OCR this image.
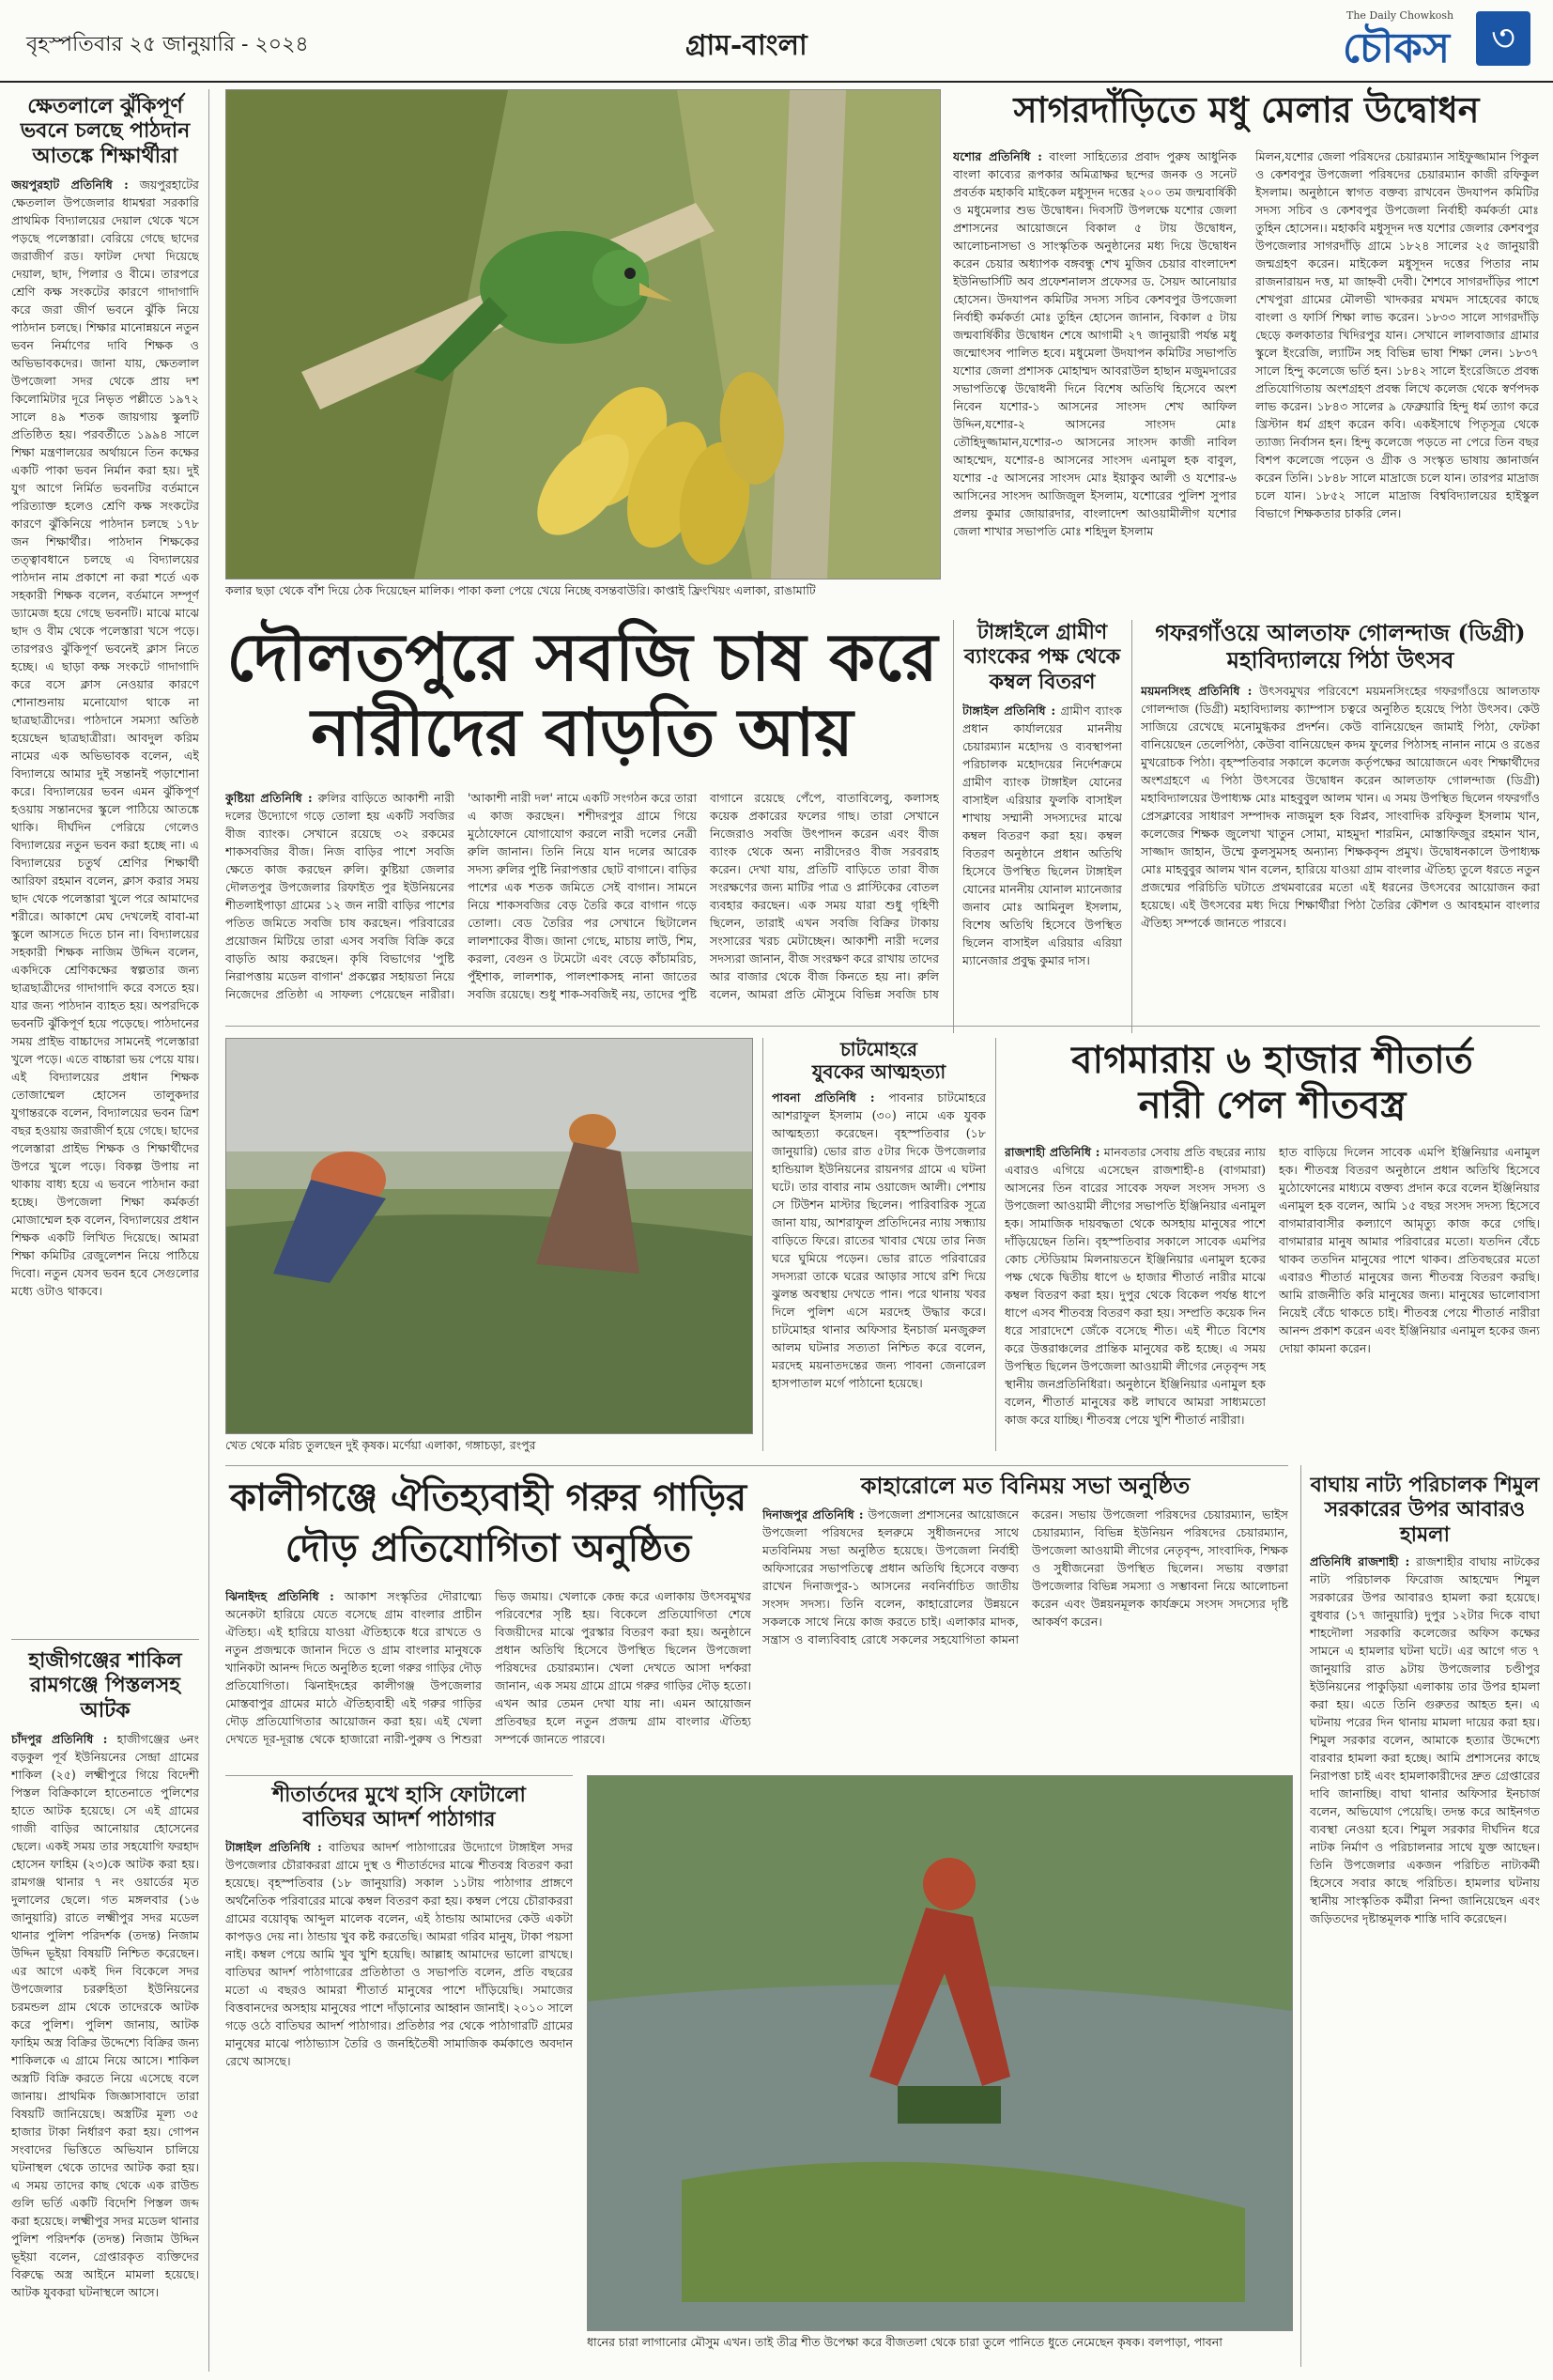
বৃহস্পতিবার ২৫ জানুয়ারি - ২০২৪	গ্রাম-বাংলা
The Daily Chowkosh
চৌকস	৩
ক্ষেতলালে ঝুঁকিপূর্ণ ভবনে চলছে পাঠদান আতঙ্কে শিক্ষার্থীরা

জয়পুরহাট প্রতিনিধি : জয়পুরহাটের ক্ষেতলাল উপজেলার ধামশ্বরা সরকারি প্রাথমিক বিদ্যালয়ের দেয়াল থেকে খসে পড়ছে পলেস্তারা। বেরিয়ে গেছে ছাদের জরাজীর্ণ রড। ফাটল দেখা দিয়েছে দেয়াল, ছাদ, পিলার ও বীমে। তারপরে শ্রেণি কক্ষ সংকটের কারণে গাদাগাদি করে জরা জীর্ণ ভবনে ঝুঁকি নিয়ে পাঠদান চলছে। শিক্ষার মানোন্নয়নে নতুন ভবন নির্মাণের দাবি শিক্ষক ও অভিভাবকদের। জানা যায়, ক্ষেতলাল উপজেলা সদর থেকে প্রায় দশ কিলোমিটার দূরে নিভৃত পল্লীতে ১৯৭২ সালে ৪৯ শতক জায়গায় স্কুলটি প্রতিষ্ঠিত হয়। পরবর্তীতে ১৯৯৪ সালে শিক্ষা মন্ত্রণালয়ের অর্থায়নে তিন কক্ষের একটি পাকা ভবন নির্মান করা হয়। দুই যুগ আগে নির্মিত ভবনটির বর্তমানে পরিত্যাক্ত হলেও শ্রেণি কক্ষ সংকটের কারণে ঝুঁকিনিয়ে পাঠদান চলছে ১৭৮ জন শিক্ষার্থীর। পাঠদান শিক্ষকের তত্ত্বাবধানে চলছে এ বিদ্যালয়ের পাঠদান নাম প্রকাশে না করা শর্তে এক সহকারী শিক্ষক বলেন, বর্তমানে সম্পূর্ণ ড্যামেজ হয়ে গেছে ভবনটি। মাঝে মাঝে ছাদ ও বীম থেকে পলেস্তারা খসে পড়ে। তারপরও ঝুঁকিপূর্ণ ভবনেই ক্লাস নিতে হচ্ছে। এ ছাড়া কক্ষ সংকটে গাদাগাদি করে বসে ক্লাস নেওয়ার কারণে শোনাশুনায় মনোযোগ থাকে না ছাত্রছাত্রীদের। পাঠদানে সমস্যা অতিষ্ঠ হয়েছেন ছাত্রছাত্রীরা। আবদুল করিম নামের এক অভিভাবক বলেন, এই বিদ্যালয়ে আমার দুই সন্তানই পড়াশোনা করে। বিদ্যালয়ের ভবন এমন ঝুঁকিপূর্ণ হওয়ায় সন্তানদের স্কুলে পাঠিয়ে আতঙ্কে থাকি। দীর্ঘদিন পেরিয়ে গেলেও বিদ্যালয়ের নতুন ভবন করা হচ্ছে না। এ বিদ্যালয়ের চতুর্থ শ্রেণির শিক্ষার্থী আরিফা রহমান বলেন, ক্লাস করার সময় ছাদ থেকে পলেস্তারা খুলে পরে আমাদের শরীরে। আকাশে মেঘ দেখলেই বাবা-মা স্কুলে আসতে দিতে চান না। বিদ্যালয়ের সহকারী শিক্ষক নাজিম উদ্দিন বলেন, একদিকে শ্রেণিকক্ষের স্বল্পতার জন্য ছাত্রছাত্রীদের গাদাগাদি করে বসতে হয়। যার জন্য পাঠদান ব্যাহত হয়। অপরদিকে ভবনটি ঝুঁকিপূর্ণ হয়ে পড়েছে। পাঠদানের সময় প্রাইভ বাচ্চাদের সামনেই পলেস্তারা খুলে পড়ে। এতে বাচ্চারা ভয় পেয়ে যায়। এই বিদ্যালয়ের প্রধান শিক্ষক তোজাম্মেল হোসেন তালুকদার যুগান্তরকে বলেন, বিদ্যালয়ের ভবন ত্রিশ বছর হওয়ায় জরাজীর্ণ হয়ে গেছে। ছাদের পলেস্তারা প্রাইভ শিক্ষক ও শিক্ষার্থীদের উপরে খুলে পড়ে। বিকল্প উপায় না থাকায় বাধ্য হয়ে এ ভবনে পাঠদান করা হচ্ছে। উপজেলা শিক্ষা কর্মকর্তা মোজাম্মেল হক বলেন, বিদ্যালয়ের প্রধান শিক্ষক একটি লিখিত দিয়েছে। আমরা শিক্ষা কমিটির রেজুলেশন নিয়ে পাঠিয়ে দিবো। নতুন যেসব ভবন হবে সেগুলোর মধ্যে ওটাও থাকবে।

হাজীগঞ্জের শাকিল রামগঞ্জে পিস্তলসহ আটক

চাঁদপুর প্রতিনিধি : হাজীগঞ্জের ৬নং বড়কুল পূর্ব ইউনিয়নের সেন্দ্রা গ্রামের শাকিল (২৫) লক্ষ্মীপুরে গিয়ে বিদেশী পিস্তল বিক্রিকালে হাতেনাতে পুলিশের হাতে আটক হয়েছে। সে এই গ্রামের গাজী বাড়ির আনোয়ার হোসেনের ছেলে। একই সময় তার সহযোগি ফরহাদ হোসেন ফাহিম (২৩)কে আটক করা হয়। রামগঞ্জ থানার ৭ নং ওয়ার্ডের মৃত দুলালের ছেলে। গত মঙ্গলবার (১৬ জানুয়ারি) রাতে লক্ষ্মীপুর সদর মডেল থানার পুলিশ পরিদর্শক (তদন্ত) নিজাম উদ্দিন ভূইয়া বিষয়টি নিশ্চিত করেছেন। এর আগে একই দিন বিকেলে সদর উপজেলার চররুহিতা ইউনিয়নের চরমন্ডল গ্রাম থেকে তাদেরকে আটক করে পুলিশ। পুলিশ জানায়, আটক ফাহিম অস্ত্র বিক্রির উদ্দেশ্যে বিক্রির জন্য শাকিলকে এ গ্রামে নিয়ে আসে। শাকিল অস্ত্রটি বিক্রি করতে নিয়ে এসেছে বলে জানায়। প্রাথমিক জিজ্ঞাসাবাদে তারা বিষয়টি জানিয়েছে। অস্ত্রটির মূল্য ৩৫ হাজার টাকা নির্ধারণ করা হয়। গোপন সংবাদের ভিত্তিতে অভিযান চালিয়ে ঘটনাস্থল থেকে তাদের আটক করা হয়। এ সময় তাদের কাছ থেকে এক রাউন্ড গুলি ভর্তি একটি বিদেশি পিস্তল জব্দ করা হয়েছে। লক্ষ্মীপুর সদর মডেল থানার পুলিশ পরিদর্শক (তদন্ত) নিজাম উদ্দিন ভূইয়া বলেন, গ্রেপ্তারকৃত ব্যক্তিদের বিরুদ্ধে অস্ত্র আইনে মামলা হয়েছে। আটক যুবকরা ঘটনাস্থলে আসে।

কলার ছড়া থেকে বাঁশ দিয়ে ঠেক দিয়েছেন মালিক। পাকা কলা পেয়ে খেয়ে নিচ্ছে বসন্তবাউরি। কাপ্তাই ফ্রিংখিয়ং এলাকা, রাঙামাটি
সাগরদাঁড়িতে মধু মেলার উদ্বোধন

যশোর প্রতিনিধি : বাংলা সাহিত্যের প্রবাদ পুরুষ আধুনিক বাংলা কাব্যের রূপকার অমিত্রাক্ষর ছন্দের জনক ও সনেট প্রবর্তক মহাকবি মাইকেল মধুসূদন দত্তের ২০০ তম জন্মবার্ষিকী ও মধুমেলার শুভ উদ্বোধন। দিবসটি উপলক্ষে যশোর জেলা প্রশাসনের আয়োজনে বিকাল ৫ টায় উদ্বোধন, আলোচনাসভা ও সাংস্কৃতিক অনুষ্ঠানের মধ্য দিয়ে উদ্বোধন করেন চেয়ার অধ্যাপক বঙ্গবন্ধু শেখ মুজিব চেয়ার বাংলাদেশ ইউনিভার্সিটি অব প্রফেশনালস প্রফেসর ড. সৈয়দ আনোয়ার হোসেন। উদযাপন কমিটির সদস্য সচিব কেশবপুর উপজেলা নির্বাহী কর্মকর্তা মোঃ তুহিন হোসেন জানান, বিকাল ৫ টায় জন্মবার্ষিকীর উদ্বোধন শেষে আগামী ২৭ জানুয়ারী পর্যন্ত মধু জন্মোৎসব পালিত হবে। মধুমেলা উদযাপন কমিটির সভাপতি যশোর জেলা প্রশাসক মোহাম্মদ আবরাউল হাছান মজুমদারের সভাপতিত্বে উদ্বোধনী দিনে বিশেষ অতিথি হিসেবে অংশ নিবেন যশোর-১ আসনের সাংসদ শেখ আফিল উদ্দিন,যশোর-২ আসনের সাংসদ মোঃ তৌহিদুজ্জামান,যশোর-৩ আসনের সাংসদ কাজী নাবিল আহম্মেদ, যশোর-৪ আসনের সাংসদ এনামুল হক বাবুল, যশোর -৫ আসনের সাংসদ মোঃ ইয়াকুব আলী ও যশোর-৬ আসিনের সাংসদ আজিজুল ইসলাম, যশোরের পুলিশ সুপার প্রলয় কুমার জোয়ারদার, বাংলাদেশ আওয়ামীলীগ যশোর জেলা শাখার সভাপতি মোঃ শহিদুল ইসলাম

মিলন,যশোর জেলা পরিষদের চেয়ারম্যান সাইফুজ্জামান পিকুল ও কেশবপুর উপজেলা পরিষদের চেয়ারম্যান কাজী রফিকুল ইসলাম। অনুষ্ঠানে স্বাগত বক্তব্য রাখবেন উদযাপন কমিটির সদস্য সচিব ও কেশবপুর উপজেলা নির্বাহী কর্মকর্তা মোঃ তুহিন হোসেন।। মহাকবি মধুসূদন দত্ত যশোর জেলার কেশবপুর উপজেলার সাগরদাঁড়ি গ্রামে ১৮২৪ সালের ২৫ জানুয়ারী জন্মগ্রহণ করেন। মাইকেল মধুসূদন দত্তের পিতার নাম রাজনারায়ন দত্ত, মা জাহ্নবী দেবী। শৈশবে সাগরদাঁড়ির পাশে শেখপুরা গ্রামের মৌলভী খাদকরর মখমদ সাহেবের কাছে বাংলা ও ফার্সি শিক্ষা লাভ করেন। ১৮৩৩ সালে সাগরদাঁড়ি ছেড়ে কলকাতার খিদিরপুর যান। সেখানে লালবাজার গ্রামার স্কুলে ইংরেজি, ল্যাটিন সহ বিভিন্ন ভাষা শিক্ষা লেন। ১৮৩৭ সালে হিন্দু কলেজে ভর্তি হন। ১৮৪২ সালে ইংরেজিতে প্রবন্ধ প্রতিযোগিতায় অংশগ্রহণ প্রবন্ধ লিখে কলেজ থেকে স্বর্ণপদক লাভ করেন। ১৮৪৩ সালের ৯ ফেব্রুয়ারি হিন্দু ধর্ম ত্যাগ করে খ্রিস্টান ধর্ম গ্রহণ করেন কবি। একইসাথে পিতৃসূত্র থেকে ত্যাজ্য নির্বাসন হন। হিন্দু কলেজে পড়তে না পেরে তিন বছর বিশপ কলেজে পড়েন ও গ্রীক ও সংস্কৃত ভাষায় জ্ঞানার্জন করেন তিনি। ১৮৪৮ সালে মাদ্রাজে চলে যান। তারপর মাদ্রাজ চলে যান। ১৮৫২ সালে মাদ্রাজ বিশ্ববিদ্যালয়ের হাইস্কুল বিভাগে শিক্ষকতার চাকরি লেন।
দৌলতপুরে সবজি চাষ করে
নারীদের বাড়তি আয়

কুষ্টিয়া প্রতিনিধি : রুলির বাড়িতে আকাশী নারী দলের উদ্যোগে গড়ে তোলা হয় একটি সবজির বীজ ব্যাংক। সেখানে রয়েছে ৩২ রকমের শাকসবজির বীজ। নিজ বাড়ির পাশে সবজি ক্ষেতে কাজ করছেন রুলি। কুষ্টিয়া জেলার দৌলতপুর উপজেলার রিফাইত পুর ইউনিয়নের শীতলাইপাড়া গ্রামের ১২ জন নারী বাড়ির পাশের পতিত জমিতে সবজি চাষ করছেন। পরিবারের প্রয়োজন মিটিয়ে তারা এসব সবজি বিক্রি করে বাড়তি আয় করছেন। কৃষি বিভাগের 'পুষ্টি নিরাপত্তায় মডেল বাগান' প্রকল্পের সহায়তা নিয়ে নিজেদের প্রতিষ্ঠা এ সাফল্য পেয়েছেন নারীরা। 'আকাশী নারী দল' নামে একটি সংগঠন করে তারা এ কাজ করছেন। শশীদরপুর গ্রামে গিয়ে মুঠোফোনে যোগাযোগ করলে নারী দলের নেত্রী রুলি জানান। তিনি নিয়ে যান দলের আরেক সদস্য রুলির পুষ্টি নিরাপত্তার ছোট বাগানে। বাড়ির পাশের এক শতক জমিতে সেই বাগান। সামনে নিয়ে শাকসবজির বেড় তৈরি করে বাগান গড়ে তোলা। বেড তৈরির পর সেখানে ছিটালেন লালশাকের বীজ। জানা গেছে, মাচায় লাউ, শিম, করলা, বেগুন ও টমেটো এবং বেড়ে কাঁচামরিচ, পুঁইশাক, লালশাক, পালংশাকসহ নানা জাতের সবজি রয়েছে। শুধু শাক-সবজিই নয়, তাদের পুষ্টি বাগানে রয়েছে পেঁপে, বাতাবিলেবু, কলাসহ কয়েক প্রকারের ফলের গাছ। তারা সেখানে নিজেরাও সবজি উৎপাদন করেন এবং বীজ ব্যাংক থেকে অন্য নারীদেরও বীজ সরবরাহ করেন। দেখা যায়, প্রতিটি বাড়িতে তারা বীজ সংরক্ষণের জন্য মাটির পাত্র ও প্লাস্টিকের বোতল ব্যবহার করছেন। এক সময় যারা শুধু গৃহিণী ছিলেন, তারাই এখন সবজি বিক্রির টাকায় সংসারের খরচ মেটাচ্ছেন। আকাশী নারী দলের সদস্যরা জানান, বীজ সংরক্ষণ করে রাখায় তাদের আর বাজার থেকে বীজ কিনতে হয় না। রুলি বলেন, আমরা প্রতি মৌসুমে বিভিন্ন সবজি চাষ

টাঙ্গাইলে গ্রামীণ ব্যাংকের পক্ষ থেকে কম্বল বিতরণ

টাঙ্গাইল প্রতিনিধি : গ্রামীণ ব্যাংক প্রধান কার্যালয়ের মাননীয় চেয়ারম্যান মহোদয় ও ব্যবস্থাপনা পরিচালক মহোদয়ের নির্দেশক্রমে গ্রামীণ ব্যাংক টাঙ্গাইল যোনের বাসাইল এরিয়ার ফুলকি বাসাইল শাখায় সম্মানী সদস্যদের মাঝে কম্বল বিতরণ করা হয়। কম্বল বিতরণ অনুষ্ঠানে প্রধান অতিথি হিসেবে উপস্থিত ছিলেন টাঙ্গাইল যোনের মাননীয় যোনাল ম্যানেজার জনাব মোঃ আমিনুল ইসলাম, বিশেষ অতিথি হিসেবে উপস্থিত ছিলেন বাসাইল এরিয়ার এরিয়া ম্যানেজার প্রবুদ্ধ কুমার দাস।

গফরগাঁওয়ে আলতাফ গোলন্দাজ (ডিগ্রী)
মহাবিদ্যালয়ে পিঠা উৎসব

ময়মনসিংহ প্রতিনিধি : উৎসবমুখর পরিবেশে ময়মনসিংহের গফরগাঁওয়ে আলতাফ গোলন্দাজ (ডিগ্রী) মহাবিদ্যালয় ক্যাম্পাস চত্বরে অনুষ্ঠিত হয়েছে পিঠা উৎসব। কেউ সাজিয়ে রেখেছে মনোমুগ্ধকর প্রদর্শন। কেউ বানিয়েছেন জামাই পিঠা, ফেটকা বানিয়েছেন তেলেপিঠা, কেউবা বানিয়েছেন কদম ফুলের পিঠাসহ নানান নামে ও রঙের মুখরোচক পিঠা। বৃহস্পতিবার সকালে কলেজ কর্তৃপক্ষের আয়োজনে এবং শিক্ষার্থীদের অংশগ্রহণে এ পিঠা উৎসবের উদ্বোধন করেন আলতাফ গোলন্দাজ (ডিগ্রী) মহাবিদ্যালয়ের উপাধ্যক্ষ মোঃ মাহবুবুল আলম খান। এ সময় উপস্থিত ছিলেন গফরগাঁও প্রেসক্লাবের সাধারণ সম্পাদক নাজমুল হক বিপ্লব, সাংবাদিক রফিকুল ইসলাম খান, কলেজের শিক্ষক জুলেখা খাতুন সোমা, মাহমুদা শারমিন, মোস্তাফিজুর রহমান খান, সাজ্জাদ জাহান, উম্মে কুলসুমসহ অন্যান্য শিক্ষকবৃন্দ প্রমুখ। উদ্বোধনকালে উপাধ্যক্ষ মোঃ মাহবুবুর আলম খান বলেন, হারিয়ে যাওয়া গ্রাম বাংলার ঐতিহ্য তুলে ধরতে নতুন প্রজন্মের পরিচিতি ঘটাতে প্রথমবারের মতো এই ধরনের উৎসবের আয়োজন করা হয়েছে। এই উৎসবের মধ্য দিয়ে শিক্ষার্থীরা পিঠা তৈরির কৌশল ও আবহমান বাংলার ঐতিহ্য সম্পর্কে জানতে পারবে।

খেত থেকে মরিচ তুলছেন দুই কৃষক। মর্ণেয়া এলাকা, গঙ্গাচড়া, রংপুর
চাটমোহরে
যুবকের আত্মহত্যা

পাবনা প্রতিনিধি : পাবনার চাটমোহরে আশরাফুল ইসলাম (৩০) নামে এক যুবক আত্মহত্যা করেছেন। বৃহস্পতিবার (১৮ জানুয়ারি) ভোর রাত ৫টার দিকে উপজেলার হান্ডিয়াল ইউনিয়নের রায়নগর গ্রামে এ ঘটনা ঘটে। তার বাবার নাম ওয়াজেদ আলী। পেশায় সে টিউশন মাস্টার ছিলেন। পারিবারিক সূত্রে জানা যায়, আশরাফুল প্রতিদিনের ন্যায় সন্ধ্যায় বাড়িতে ফিরে। রাতের খাবার খেয়ে তার নিজ ঘরে ঘুমিয়ে পড়েন। ভোর রাতে পরিবারের সদস্যরা তাকে ঘরের আড়ার সাথে রশি দিয়ে ঝুলন্ত অবস্থায় দেখতে পান। পরে থানায় খবর দিলে পুলিশ এসে মরদেহ উদ্ধার করে। চাটমোহর থানার অফিসার ইনচার্জ মনজুরুল আলম ঘটনার সত্যতা নিশ্চিত করে বলেন, মরদেহ ময়নাতদন্তের জন্য পাবনা জেনারেল হাসপাতাল মর্গে পাঠানো হয়েছে।

বাগমারায় ৬ হাজার শীতার্ত
নারী পেল শীতবস্ত্র

রাজশাহী প্রতিনিধি : মানবতার সেবায় প্রতি বছরের ন্যায় এবারও এগিয়ে এসেছেন রাজশাহী-৪ (বাগমারা) আসনের তিন বারের সাবেক সফল সংসদ সদস্য ও উপজেলা আওয়ামী লীগের সভাপতি ইঞ্জিনিয়ার এনামুল হক। সামাজিক দায়বদ্ধতা থেকে অসহায় মানুষের পাশে দাঁড়িয়েছেন তিনি। বৃহস্পতিবার সকালে সাবেক এমপির কোচ স্টেডিয়াম মিলনায়তনে ইঞ্জিনিয়ার এনামুল হকের পক্ষ থেকে দ্বিতীয় ধাপে ৬ হাজার শীতার্ত নারীর মাঝে কম্বল বিতরণ করা হয়। দুপুর থেকে বিকেল পর্যন্ত ধাপে ধাপে এসব শীতবস্ত্র বিতরণ করা হয়। সম্প্রতি কয়েক দিন ধরে সারাদেশে জেঁকে বসেছে শীত। এই শীতে বিশেষ করে উত্তরাঞ্চলের প্রান্তিক মানুষের কষ্ট হচ্ছে। এ সময় উপস্থিত ছিলেন উপজেলা আওয়ামী লীগের নেতৃবৃন্দ সহ স্থানীয় জনপ্রতিনিধিরা। অনুষ্ঠানে ইঞ্জিনিয়ার এনামুল হক বলেন, শীতার্ত মানুষের কষ্ট লাঘবে আমরা সাধ্যমতো কাজ করে যাচ্ছি। শীতবস্ত্র পেয়ে খুশি শীতার্ত নারীরা।

হাত বাড়িয়ে দিলেন সাবেক এমপি ইঞ্জিনিয়ার এনামুল হক। শীতবস্ত্র বিতরণ অনুষ্ঠানে প্রধান অতিথি হিসেবে মুঠোফোনের মাধ্যমে বক্তব্য প্রদান করে বলেন ইঞ্জিনিয়ার এনামুল হক বলেন, আমি ১৫ বছর সংসদ সদস্য হিসেবে বাগমারাবাসীর কল্যাণে আমৃত্যু কাজ করে গেছি। বাগমারার মানুষ আমার পরিবারের মতো। যতদিন বেঁচে থাকব ততদিন মানুষের পাশে থাকব। প্রতিবছরের মতো এবারও শীতার্ত মানুষের জন্য শীতবস্ত্র বিতরণ করছি। আমি রাজনীতি করি মানুষের জন্য। মানুষের ভালোবাসা নিয়েই বেঁচে থাকতে চাই। শীতবস্ত্র পেয়ে শীতার্ত নারীরা আনন্দ প্রকাশ করেন এবং ইঞ্জিনিয়ার এনামুল হকের জন্য দোয়া কামনা করেন।
কালীগঞ্জে ঐতিহ্যবাহী গরুর গাড়ির
দৌড় প্রতিযোগিতা অনুষ্ঠিত

ঝিনাইদহ প্রতিনিধি : আকাশ সংস্কৃতির দৌরাত্ম্যে অনেকটা হারিয়ে যেতে বসেছে গ্রাম বাংলার প্রাচীন ঐতিহ্য। এই হারিয়ে যাওয়া ঐতিহ্যকে ধরে রাখতে ও নতুন প্রজন্মকে জানান দিতে ও গ্রাম বাংলার মানুষকে খানিকটা আনন্দ দিতে অনুষ্ঠিত হলো গরুর গাড়ির দৌড় প্রতিযোগিতা। ঝিনাইদহের কালীগঞ্জ উপজেলার মোস্তবাপুর গ্রামের মাঠে ঐতিহ্যবাহী এই গরুর গাড়ির দৌড় প্রতিযোগিতার আয়োজন করা হয়। এই খেলা দেখতে দূর-দূরান্ত থেকে হাজারো নারী-পুরুষ ও শিশুরা ভিড় জমায়। খেলাকে কেন্দ্র করে এলাকায় উৎসবমুখর পরিবেশের সৃষ্টি হয়। বিকেলে প্রতিযোগিতা শেষে বিজয়ীদের মাঝে পুরস্কার বিতরণ করা হয়। অনুষ্ঠানে প্রধান অতিথি হিসেবে উপস্থিত ছিলেন উপজেলা পরিষদের চেয়ারম্যান। খেলা দেখতে আসা দর্শকরা জানান, এক সময় গ্রামে গ্রামে গরুর গাড়ির দৌড় হতো। এখন আর তেমন দেখা যায় না। এমন আয়োজন প্রতিবছর হলে নতুন প্রজন্ম গ্রাম বাংলার ঐতিহ্য সম্পর্কে জানতে পারবে।

কাহারোলে মত বিনিময় সভা অনুষ্ঠিত

দিনাজপুর প্রতিনিধি : উপজেলা প্রশাসনের আয়োজনে উপজেলা পরিষদের হলরুমে সুধীজনদের সাথে মতবিনিময় সভা অনুষ্ঠিত হয়েছে। উপজেলা নির্বাহী অফিসারের সভাপতিত্বে প্রধান অতিথি হিসেবে বক্তব্য রাখেন দিনাজপুর-১ আসনের নবনির্বাচিত জাতীয় সংসদ সদস্য। তিনি বলেন, কাহারোলের উন্নয়নে সকলকে সাথে নিয়ে কাজ করতে চাই। এলাকার মাদক, সন্ত্রাস ও বাল্যবিবাহ রোধে সকলের সহযোগিতা কামনা করেন। সভায় উপজেলা পরিষদের চেয়ারম্যান, ভাইস চেয়ারম্যান, বিভিন্ন ইউনিয়ন পরিষদের চেয়ারম্যান, উপজেলা আওয়ামী লীগের নেতৃবৃন্দ, সাংবাদিক, শিক্ষক ও সুধীজনেরা উপস্থিত ছিলেন। সভায় বক্তারা উপজেলার বিভিন্ন সমস্যা ও সম্ভাবনা নিয়ে আলোচনা করেন এবং উন্নয়নমূলক কার্যক্রমে সংসদ সদস্যের দৃষ্টি আকর্ষণ করেন।

বাঘায় নাট্য পরিচালক শিমুল সরকারের উপর আবারও হামলা

প্রতিনিধি রাজশাহী : রাজশাহীর বাঘায় নাটকের নাট্য পরিচালক ফিরোজ আহম্মেদ শিমুল সরকারের উপর আবারও হামলা করা হয়েছে। বুধবার (১৭ জানুয়ারি) দুপুর ১২টার দিকে বাঘা শাহদৌলা সরকারি কলেজের অফিস কক্ষের সামনে এ হামলার ঘটনা ঘটে। এর আগে গত ৭ জানুয়ারি রাত ৯টায় উপজেলার চণ্ডীপুর ইউনিয়নের পাকুড়িয়া এলাকায় তার উপর হামলা করা হয়। এতে তিনি গুরুতর আহত হন। এ ঘটনায় পরের দিন থানায় মামলা দায়ের করা হয়। শিমুল সরকার বলেন, আমাকে হত্যার উদ্দেশ্যে বারবার হামলা করা হচ্ছে। আমি প্রশাসনের কাছে নিরাপত্তা চাই এবং হামলাকারীদের দ্রুত গ্রেপ্তারের দাবি জানাচ্ছি। বাঘা থানার অফিসার ইনচার্জ বলেন, অভিযোগ পেয়েছি। তদন্ত করে আইনগত ব্যবস্থা নেওয়া হবে। শিমুল সরকার দীর্ঘদিন ধরে নাটক নির্মাণ ও পরিচালনার সাথে যুক্ত আছেন। তিনি উপজেলার একজন পরিচিত নাট্যকর্মী হিসেবে সবার কাছে পরিচিত। হামলার ঘটনায় স্থানীয় সাংস্কৃতিক কর্মীরা নিন্দা জানিয়েছেন এবং জড়িতদের দৃষ্টান্তমূলক শাস্তি দাবি করেছেন।

শীতার্তদের মুখে হাসি ফোটালো
বাতিঘর আদর্শ পাঠাগার

টাঙ্গাইল প্রতিনিধি : বাতিঘর আদর্শ পাঠাগারের উদ্যোগে টাঙ্গাইল সদর উপজেলার চৌরাকররা গ্রামে দুস্থ ও শীতার্তদের মাঝে শীতবস্ত্র বিতরণ করা হয়েছে। বৃহস্পতিবার (১৮ জানুয়ারি) সকাল ১১টায় পাঠাগার প্রাঙ্গণে অর্থনৈতিক পরিবারের মাঝে কম্বল বিতরণ করা হয়। কম্বল পেয়ে চৌরাকররা গ্রামের বয়োবৃদ্ধ আব্দুল মালেক বলেন, এই ঠান্ডায় আমাদের কেউ একটা কাপড়ও দেয় না। ঠান্ডায় খুব কষ্ট করতেছি। আমরা গরিব মানুষ, টাকা পয়সা নাই। কম্বল পেয়ে আমি খুব খুশি হয়েছি। আল্লাহ আমাদের ভালো রাখছে। বাতিঘর আদর্শ পাঠাগারের প্রতিষ্ঠাতা ও সভাপতি বলেন, প্রতি বছরের মতো এ বছরও আমরা শীতার্ত মানুষের পাশে দাঁড়িয়েছি। সমাজের বিত্তবানদের অসহায় মানুষের পাশে দাঁড়ানোর আহ্বান জানাই। ২০১০ সালে গড়ে ওঠে বাতিঘর আদর্শ পাঠাগার। প্রতিষ্ঠার পর থেকে পাঠাগারটি গ্রামের মানুষের মাঝে পাঠাভ্যাস তৈরি ও জনহিতৈষী সামাজিক কর্মকাণ্ডে অবদান রেখে আসছে।

ধানের চারা লাগানোর মৌসুম এখন। তাই তীব্র শীত উপেক্ষা করে বীজতলা থেকে চারা তুলে পানিতে ধুতে নেমেছেন কৃষক। বলপাড়া, পাবনা
